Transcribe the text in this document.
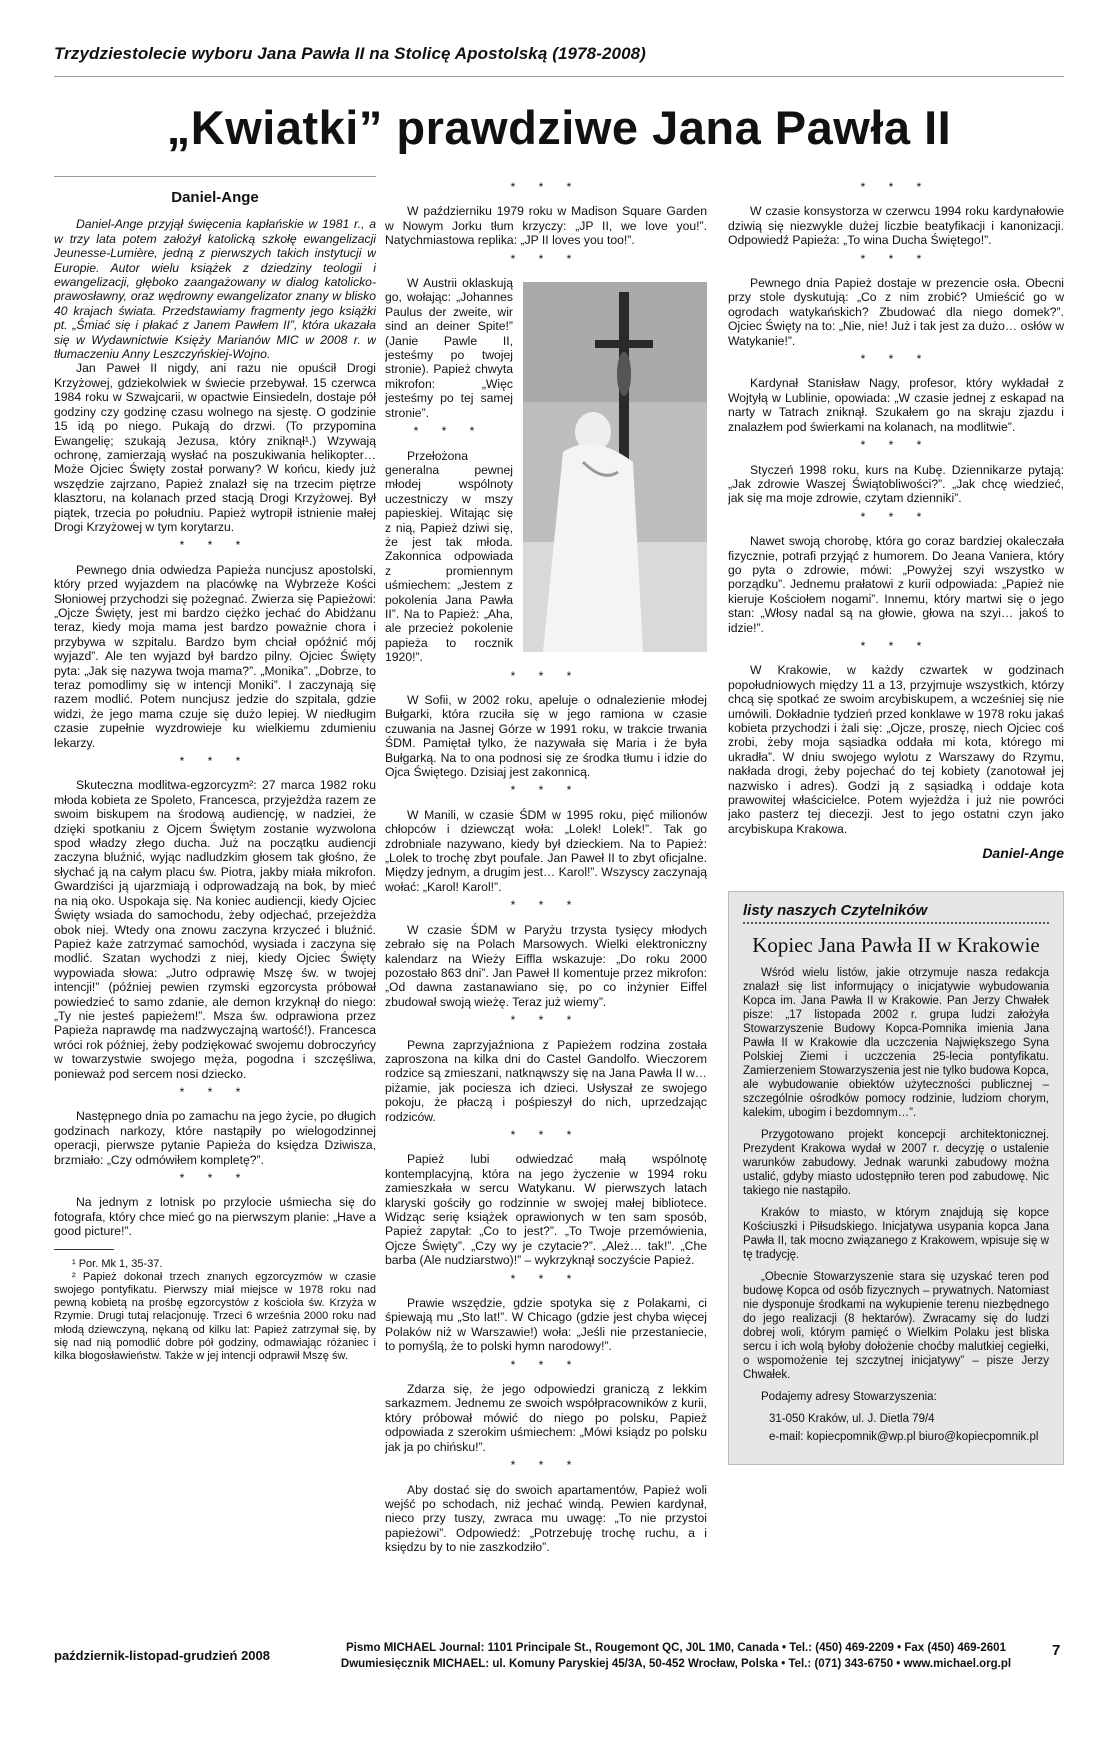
Trzydziestolecie wyboru Jana Pawła II na Stolicę Apostolską (1978-2008)
„Kwiatki” prawdziwe Jana Pawła II
Daniel-Ange

Daniel-Ange przyjął święcenia kapłańskie w 1981 r., a w trzy lata potem założył katolicką szkołę ewangelizacji Jeunesse-Lumière, jedną z pierwszych takich instytucji w Europie. Autor wielu książek z dziedziny teologii i ewangelizacji, głęboko zaangażowany w dialog katolicko-prawosławny, oraz wędrowny ewangelizator znany w blisko 40 krajach świata. Przedstawiamy fragmenty jego książki pt. „Śmiać się i płakać z Janem Pawłem II”, która ukazała się w Wydawnictwie Księży Marianów MIC w 2008 r. w tłumaczeniu Anny Leszczyńskiej-Wojno.

Jan Paweł II nigdy, ani razu nie opuścił Drogi Krzyżowej, gdziekolwiek w świecie przebywał. 15 czerwca 1984 roku w Szwajcarii, w opactwie Einsiedeln, dostaje pół godziny czy godzinę czasu wolnego na sjestę. O godzinie 15 idą po niego. Pukają do drzwi. (To przypomina Ewangelię; szukają Jezusa, który zniknął¹.) Wzywają ochronę, zamierzają wysłać na poszukiwania helikopter… Może Ojciec Święty został porwany? W końcu, kiedy już wszędzie zajrzano, Papież znalazł się na trzecim piętrze klasztoru, na kolanach przed stacją Drogi Krzyżowej. Był piątek, trzecia po południu. Papież wytropił istnienie małej Drogi Krzyżowej w tym korytarzu.

* * *

Pewnego dnia odwiedza Papieża nuncjusz apostolski, który przed wyjazdem na placówkę na Wybrzeże Kości Słoniowej przychodzi się pożegnać. Zwierza się Papieżowi: „Ojcze Święty, jest mi bardzo ciężko jechać do Abidżanu teraz, kiedy moja mama jest bardzo poważnie chora i przybywa w szpitalu. Bardzo bym chciał opóźnić mój wyjazd”. Ale ten wyjazd był bardzo pilny. Ojciec Święty pyta: „Jak się nazywa twoja mama?”. „Monika”. „Dobrze, to teraz pomodlimy się w intencji Moniki”. I zaczynają się razem modlić. Potem nuncjusz jedzie do szpitala, gdzie widzi, że jego mama czuje się dużo lepiej. W niedługim czasie zupełnie wyzdrowieje ku wielkiemu zdumieniu lekarzy.

* * *

Skuteczna modlitwa-egzorcyzm²: 27 marca 1982 roku młoda kobieta ze Spoleto, Francesca, przyjeżdża razem ze swoim biskupem na środową audiencję, w nadziei, że dzięki spotkaniu z Ojcem Świętym zostanie wyzwolona spod władzy złego ducha. Już na początku audiencji zaczyna bluźnić, wyjąc nadludzkim głosem tak głośno, że słychać ją na całym placu św. Piotra, jakby miała mikrofon. Gwardziści ją ujarzmiają i odprowadzają na bok, by mieć na nią oko. Uspokaja się. Na koniec audiencji, kiedy Ojciec Święty wsiada do samochodu, żeby odjechać, przejeżdża obok niej. Wtedy ona znowu zaczyna krzyczeć i bluźnić. Papież każe zatrzymać samochód, wysiada i zaczyna się modlić. Szatan wychodzi z niej, kiedy Ojciec Święty wypowiada słowa: „Jutro odprawię Mszę św. w twojej intencji!” (później pewien rzymski egzorcysta próbował powiedzieć to samo zdanie, ale demon krzyknął do niego: „Ty nie jesteś papieżem!”. Msza św. odprawiona przez Papieża naprawdę ma nadzwyczajną wartość!). Francesca wróci rok później, żeby podziękować swojemu dobroczyńcy w towarzystwie swojego męża, pogodna i szczęśliwa, ponieważ pod sercem nosi dziecko.

* * *

Następnego dnia po zamachu na jego życie, po długich godzinach narkozy, które nastąpiły po wielogodzinnej operacji, pierwsze pytanie Papieża do księdza Dziwisza, brzmiało: „Czy odmówiłem kompletę?”.

* * *

Na jednym z lotnisk po przylocie uśmiecha się do fotografa, który chce mieć go na pierwszym planie: „Have a good picture!”.

¹ Por. Mk 1, 35-37.

² Papież dokonał trzech znanych egzorcyzmów w czasie swojego pontyfikatu. Pierwszy miał miejsce w 1978 roku nad pewną kobietą na prośbę egzorcystów z kościoła św. Krzyża w Rzymie. Drugi tutaj relacjonuję. Trzeci 6 września 2000 roku nad młodą dziewczyną, nękaną od kilku lat: Papież zatrzymał się, by się nad nią pomodlić dobre pół godziny, odmawiając różaniec i kilka błogosławieństw. Także w jej intencji odprawił Mszę św.

* * *

W październiku 1979 roku w Madison Square Garden w Nowym Jorku tłum krzyczy: „JP II, we love you!”. Natychmiastowa replika: „JP II loves you too!”.

* * *

W Austrii oklaskują go, wołając: „Johannes Paulus der zweite, wir sind an deiner Spite!” (Janie Pawle II, jesteśmy po twojej stronie). Papież chwyta mikrofon: „Więc jesteśmy po tej samej stronie”.

* * *

Przełożona generalna pewnej młodej wspólnoty uczestniczy w mszy papieskiej. Witając się z nią, Papież dziwi się, że jest tak młoda. Zakonnica odpowiada z promiennym uśmiechem: „Jestem z pokolenia Jana Pawła II”. Na to Papież: „Aha, ale przecież pokolenie papieża to rocznik 1920!”.

* * *

W Sofii, w 2002 roku, apeluje o odnalezienie młodej Bułgarki, która rzuciła się w jego ramiona w czasie czuwania na Jasnej Górze w 1991 roku, w trakcie trwania ŚDM. Pamiętał tylko, że nazywała się Maria i że była Bułgarką. Na to ona podnosi się ze środka tłumu i idzie do Ojca Świętego. Dzisiaj jest zakonnicą.

* * *

W Manili, w czasie ŚDM w 1995 roku, pięć milionów chłopców i dziewcząt woła: „Lolek! Lolek!”. Tak go zdrobniale nazywano, kiedy był dzieckiem. Na to Papież: „Lolek to trochę zbyt poufale. Jan Paweł II to zbyt oficjalne. Między jednym, a drugim jest… Karol!”. Wszyscy zaczynają wołać: „Karol! Karol!”.

* * *

W czasie ŚDM w Paryżu trzysta tysięcy młodych zebrało się na Polach Marsowych. Wielki elektroniczny kalendarz na Wieży Eiffla wskazuje: „Do roku 2000 pozostało 863 dni”. Jan Paweł II komentuje przez mikrofon: „Od dawna zastanawiano się, po co inżynier Eiffel zbudował swoją wieżę. Teraz już wiemy”.

* * *

Pewna zaprzyjaźniona z Papieżem rodzina została zaproszona na kilka dni do Castel Gandolfo. Wieczorem rodzice są zmieszani, natknąwszy się na Jana Pawła II w… piżamie, jak pociesza ich dzieci. Usłyszał ze swojego pokoju, że płaczą i pośpieszył do nich, uprzedzając rodziców.

* * *

Papież lubi odwiedzać małą wspólnotę kontemplacyjną, która na jego życzenie w 1994 roku zamieszkała w sercu Watykanu. W pierwszych latach klaryski gościły go rodzinnie w swojej małej bibliotece. Widząc serię książek oprawionych w ten sam sposób, Papież zapytał: „Co to jest?”. „To Twoje przemówienia, Ojcze Święty”. „Czy wy je czytacie?”. „Ależ… tak!”. „Che barba (Ale nudziarstwo)!” – wykrzyknął soczyście Papież.

* * *

Prawie wszędzie, gdzie spotyka się z Polakami, ci śpiewają mu „Sto lat!”. W Chicago (gdzie jest chyba więcej Polaków niż w Warszawie!) woła: „Jeśli nie przestaniecie, to pomyślą, że to polski hymn narodowy!”.

* * *

Zdarza się, że jego odpowiedzi graniczą z lekkim sarkazmem. Jednemu ze swoich współpracowników z kurii, który próbował mówić do niego po polsku, Papież odpowiada z szerokim uśmiechem: „Mówi ksiądz po polsku jak ja po chińsku!”.

* * *

Aby dostać się do swoich apartamentów, Papież woli wejść po schodach, niż jechać windą. Pewien kardynał, nieco przy tuszy, zwraca mu uwagę: „To nie przystoi papieżowi”. Odpowiedź: „Potrzebuję trochę ruchu, a i księdzu by to nie zaszkodziło”.

* * *

W czasie konsystorza w czerwcu 1994 roku kardynałowie dziwią się niezwykle dużej liczbie beatyfikacji i kanonizacji. Odpowiedź Papieża: „To wina Ducha Świętego!”.

* * *

Pewnego dnia Papież dostaje w prezencie osła. Obecni przy stole dyskutują: „Co z nim zrobić? Umieścić go w ogrodach watykańskich? Zbudować dla niego domek?”. Ojciec Święty na to: „Nie, nie! Już i tak jest za dużo… osłów w Watykanie!”.

* * *

Kardynał Stanisław Nagy, profesor, który wykładał z Wojtyłą w Lublinie, opowiada: „W czasie jednej z eskapad na narty w Tatrach zniknął. Szukałem go na skraju zjazdu i znalazłem pod świerkami na kolanach, na modlitwie”.

* * *

Styczeń 1998 roku, kurs na Kubę. Dziennikarze pytają: „Jak zdrowie Waszej Świątobliwości?”. „Jak chcę wiedzieć, jak się ma moje zdrowie, czytam dzienniki”.

* * *

Nawet swoją chorobę, która go coraz bardziej okaleczała fizycznie, potrafi przyjąć z humorem. Do Jeana Vaniera, który go pyta o zdrowie, mówi: „Powyżej szyi wszystko w porządku”. Jednemu prałatowi z kurii odpowiada: „Papież nie kieruje Kościołem nogami”. Innemu, który martwi się o jego stan: „Włosy nadal są na głowie, głowa na szyi… jakoś to idzie!”.

* * *

W Krakowie, w każdy czwartek w godzinach popołudniowych między 11 a 13, przyjmuje wszystkich, którzy chcą się spotkać ze swoim arcybiskupem, a wcześniej się nie umówili. Dokładnie tydzień przed konklawe w 1978 roku jakaś kobieta przychodzi i żali się: „Ojcze, proszę, niech Ojciec coś zrobi, żeby moja sąsiadka oddała mi kota, którego mi ukradła”. W dniu swojego wylotu z Warszawy do Rzymu, nakłada drogi, żeby pojechać do tej kobiety (zanotował jej nazwisko i adres). Godzi ją z sąsiadką i oddaje kota prawowitej właścicielce. Potem wyjeżdża i już nie powróci jako pasterz tej diecezji. Jest to jego ostatni czyn jako arcybiskupa Krakowa.

Daniel-Ange
listy naszych Czytelników
Kopiec Jana Pawła II w Krakowie

Wśród wielu listów, jakie otrzymuje nasza redakcja znalazł się list informujący o inicjatywie wybudowania Kopca im. Jana Pawła II w Krakowie. Pan Jerzy Chwałek pisze: „17 listopada 2002 r. grupa ludzi założyła Stowarzyszenie Budowy Kopca-Pomnika imienia Jana Pawła II w Krakowie dla uczczenia Największego Syna Polskiej Ziemi i uczczenia 25-lecia pontyfikatu. Zamierzeniem Stowarzyszenia jest nie tylko budowa Kopca, ale wybudowanie obiektów użyteczności publicznej – szczególnie ośrodków pomocy rodzinie, ludziom chorym, kalekim, ubogim i bezdomnym…”.

Przygotowano projekt koncepcji architektonicznej. Prezydent Krakowa wydał w 2007 r. decyzję o ustalenie warunków zabudowy. Jednak warunki zabudowy można ustalić, gdyby miasto udostępniło teren pod zabudowę. Nic takiego nie nastąpiło.

Kraków to miasto, w którym znajdują się kopce Kościuszki i Piłsudskiego. Inicjatywa usypania kopca Jana Pawła II, tak mocno związanego z Krakowem, wpisuje się w tę tradycję.

„Obecnie Stowarzyszenie stara się uzyskać teren pod budowę Kopca od osób fizycznych – prywatnych. Natomiast nie dysponuje środkami na wykupienie terenu niezbędnego do jego realizacji (8 hektarów). Zwracamy się do ludzi dobrej woli, którym pamięć o Wielkim Polaku jest bliska sercu i ich wolą byłoby dołożenie choćby malutkiej cegiełki, o wspomożenie tej szczytnej inicjatywy” – pisze Jerzy Chwałek.

Podajemy adresy Stowarzyszenia:

31-050 Kraków, ul. J. Dietla 79/4

e-mail: kopiecpomnik@wp.pl biuro@kopiecpomnik.pl

październik-listopad-grudzień 2008	Pismo MICHAEL Journal: 1101 Principale St., Rougemont QC, J0L 1M0, Canada • Tel.: (450) 469-2209 • Fax (450) 469-2601
Dwumiesięcznik MICHAEL: ul. Komuny Paryskiej 45/3A, 50-452 Wrocław, Polska • Tel.: (071) 343-6750 • www.michael.org.pl
7
